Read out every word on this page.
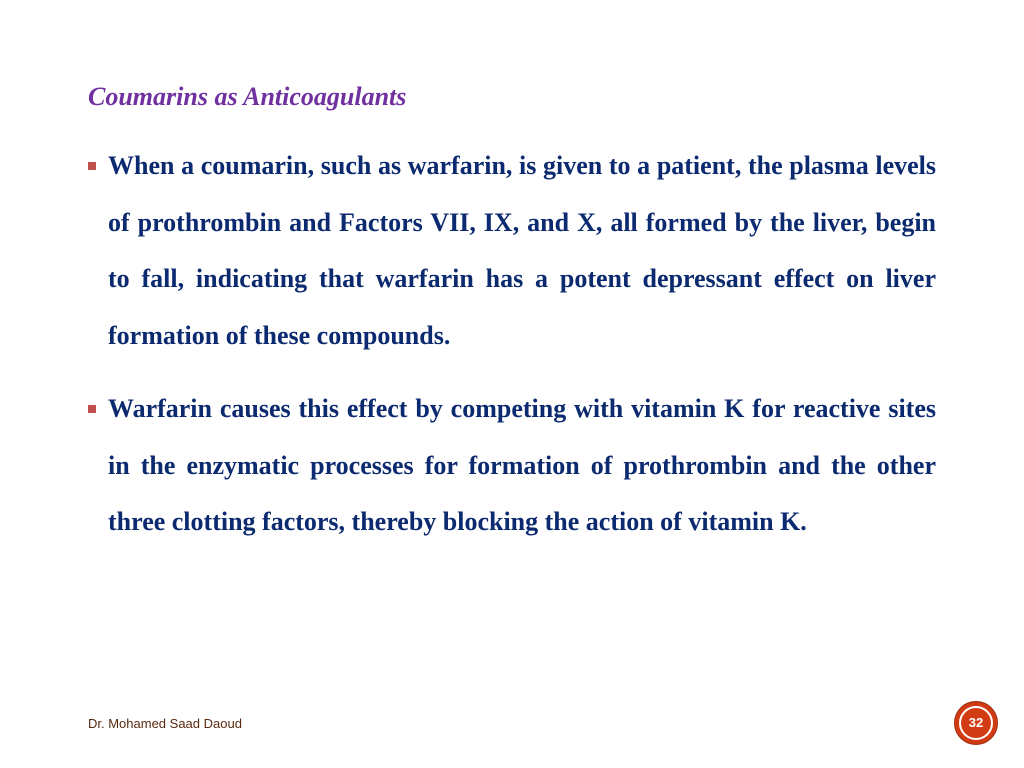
Coumarins as Anticoagulants
When a coumarin, such as warfarin, is given to a patient, the plasma levels of prothrombin and Factors VII, IX, and X, all formed by the liver, begin to fall, indicating that warfarin has a potent depressant effect on liver formation of these compounds.
Warfarin causes this effect by competing with vitamin K for reactive sites in the enzymatic processes for formation of prothrombin and the other three clotting factors, thereby blocking the action of vitamin K.
Dr. Mohamed Saad Daoud	32
